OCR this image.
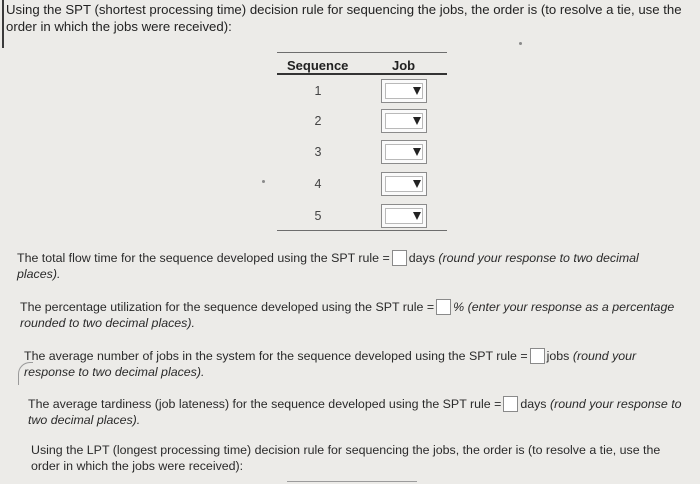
Using the SPT (shortest processing time) decision rule for sequencing the jobs, the order is (to resolve a tie, use the order in which the jobs were received):
Sequence	Job
1
2
3
4
5
The total flow time for the sequence developed using the SPT rule = days (round your response to two decimal places).
The percentage utilization for the sequence developed using the SPT rule = % (enter your response as a percentage rounded to two decimal places).
The average number of jobs in the system for the sequence developed using the SPT rule = jobs (round your response to two decimal places).
The average tardiness (job lateness) for the sequence developed using the SPT rule = days (round your response to two decimal places).
Using the LPT (longest processing time) decision rule for sequencing the jobs, the order is (to resolve a tie, use the order in which the jobs were received):
